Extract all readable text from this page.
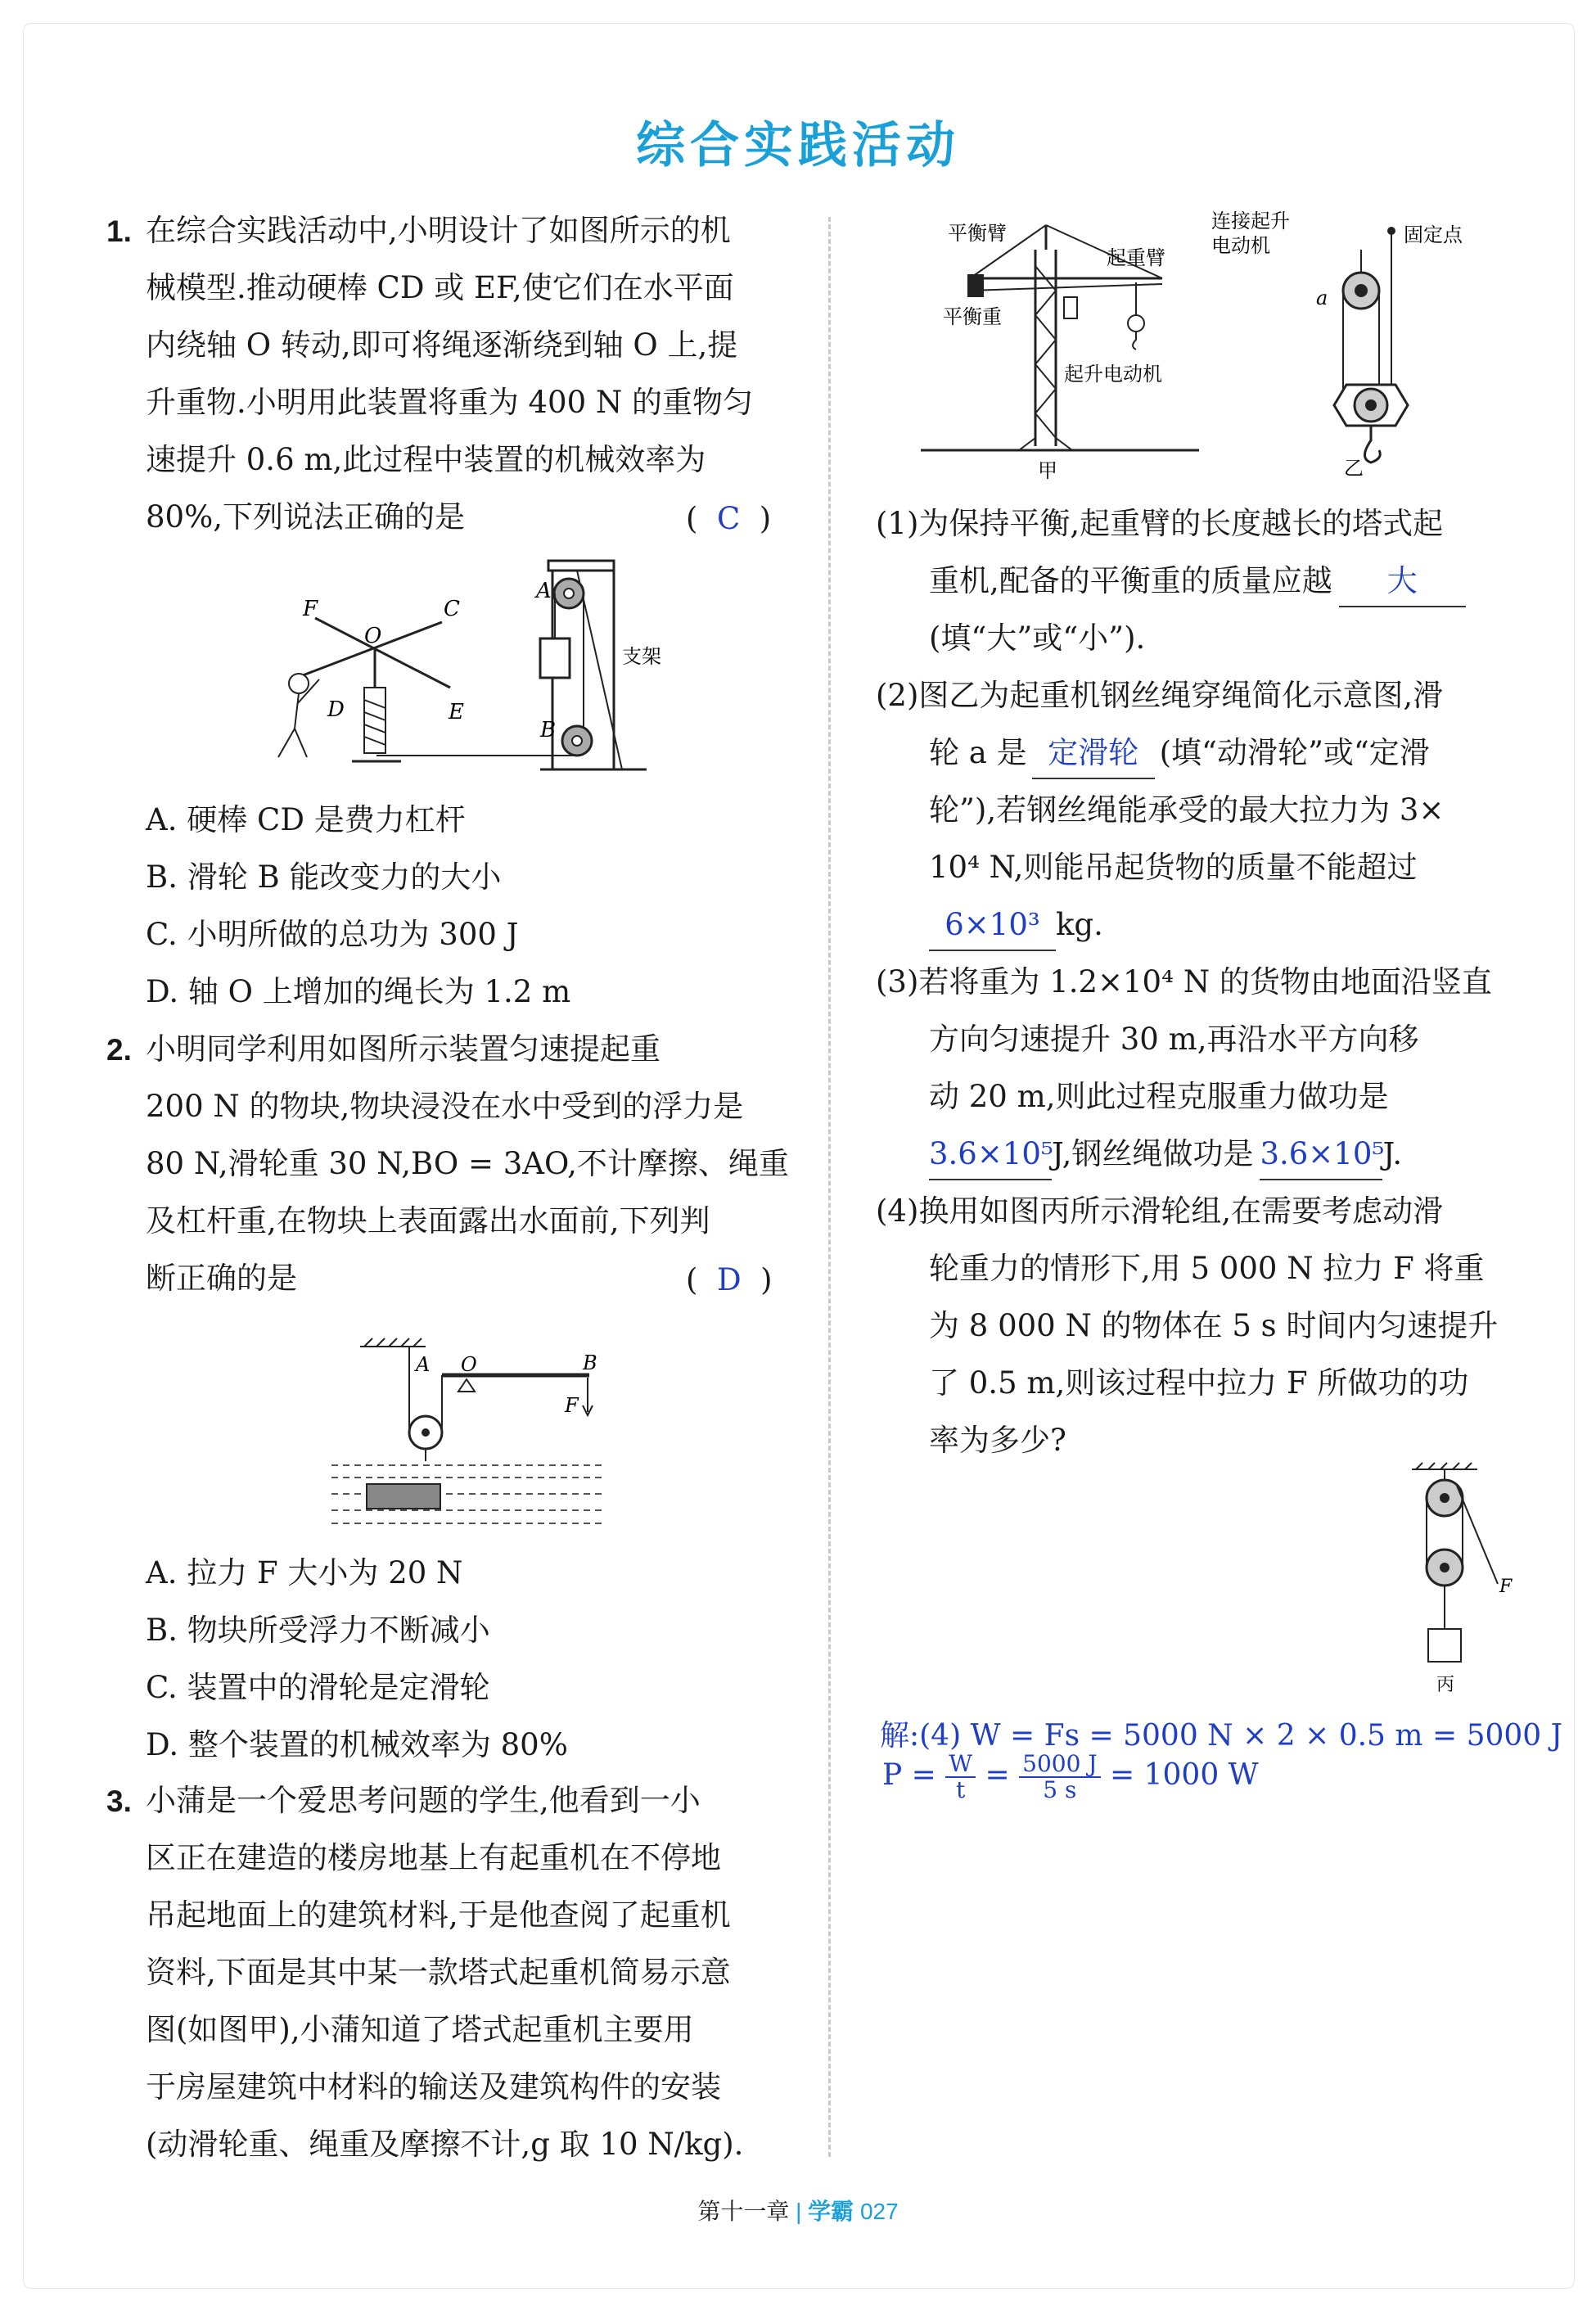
综合实践活动
1. 在综合实践活动中,小明设计了如图所示的机
械模型.推动硬棒 CD 或 EF,使它们在水平面
内绕轴 O 转动,即可将绳逐渐绕到轴 O 上,提
升重物.小明用此装置将重为 400 N 的重物匀
速提升 0.6 m,此过程中装置的机械效率为
80%,下列说法正确的是	(  C  )
F
O
C
A
D	E
B
支架
A. 硬棒 CD 是费力杠杆
B. 滑轮 B 能改变力的大小
C. 小明所做的总功为 300 J
D. 轴 O 上增加的绳长为 1.2 m
2. 小明同学利用如图所示装置匀速提起重
200 N 的物块,物块浸没在水中受到的浮力是
80 N,滑轮重 30 N,BO = 3AO,不计摩擦、绳重
及杠杆重,在物块上表面露出水面前,下列判
断正确的是	(  D  )
A O	B
F
A. 拉力 F 大小为 20 N
B. 物块所受浮力不断减小
C. 装置中的滑轮是定滑轮
D. 整个装置的机械效率为 80%
3. 小蒲是一个爱思考问题的学生,他看到一小
区正在建造的楼房地基上有起重机在不停地
吊起地面上的建筑材料,于是他查阅了起重机
资料,下面是其中某一款塔式起重机简易示意
图(如图甲),小蒲知道了塔式起重机主要用
于房屋建筑中材料的输送及建筑构件的安装
(动滑轮重、绳重及摩擦不计,g 取 10 N/kg).
平衡臂
起重臂
平衡重
起升电动机
甲
连接起升
电动机	固定点
a
乙
(1)为保持平衡,起重臂的长度越长的塔式起
重机,配备的平衡重的质量应越 大
(填“大”或“小”).
(2)图乙为起重机钢丝绳穿绳简化示意图,滑
轮 a 是 定滑轮 (填“动滑轮”或“定滑
轮”),若钢丝绳能承受的最大拉力为 3×
10⁴ N,则能吊起货物的质量不能超过
6×10³ kg.
(3)若将重为 1.2×10⁴ N 的货物由地面沿竖直
方向匀速提升 30 m,再沿水平方向移
动 20 m,则此过程克服重力做功是
3.6×10⁵J,钢丝绳做功是 3.6×10⁵J.
(4)换用如图丙所示滑轮组,在需要考虑动滑
轮重力的情形下,用 5 000 N 拉力 F 将重
为 8 000 N 的物体在 5 s 时间内匀速提升
了 0.5 m,则该过程中拉力 F 所做功的功
率为多少?
F
丙
解:(4) W = Fs = 5000 N × 2 × 0.5 m = 5000 J
$P = \frac{W}{t} = \frac{5000 J}{5 s} = 1000$ W
第十一章 | 学霸 027
